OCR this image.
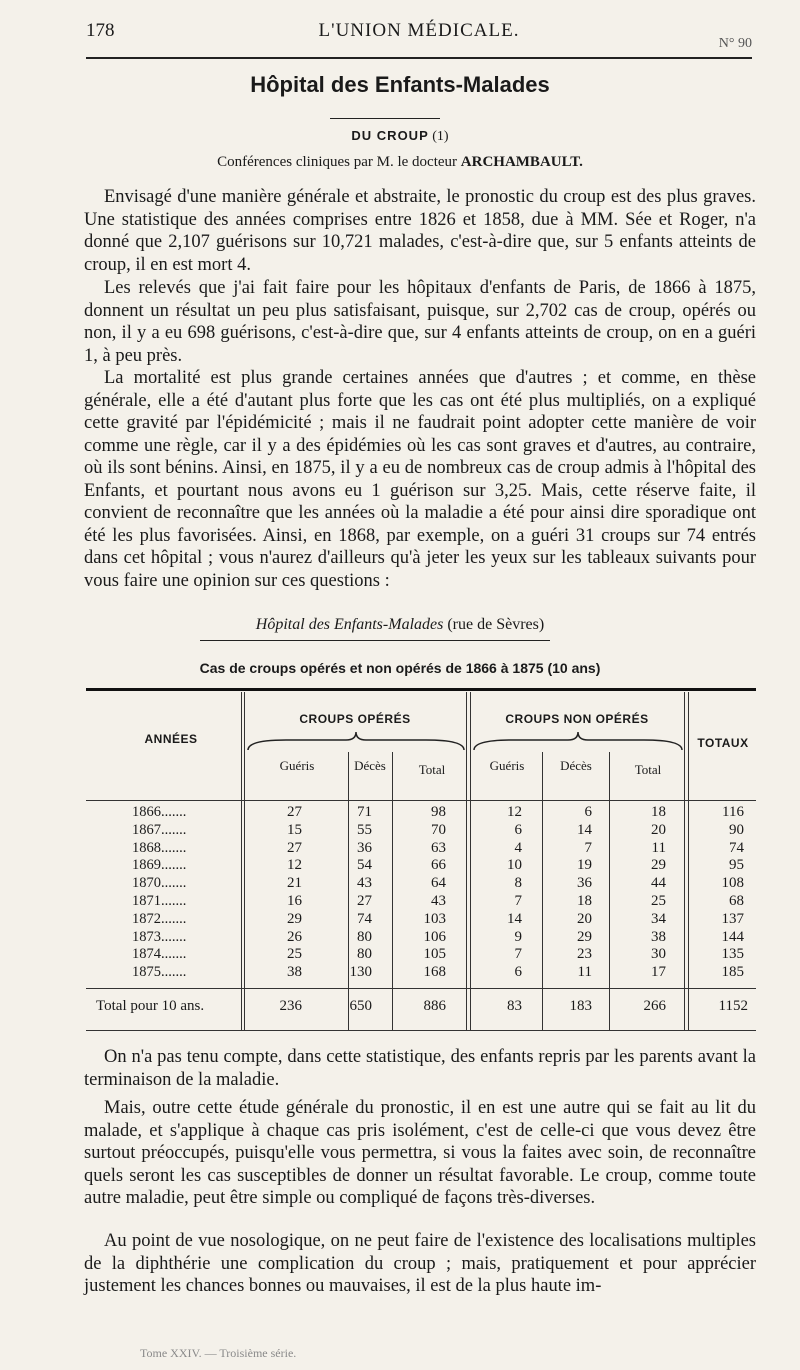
178	L'UNION MÉDICALE.
N° 90
Hôpital des Enfants-Malades
DU CROUP (1)
Conférences cliniques par M. le docteur ARCHAMBAULT.

Envisagé d'une manière générale et abstraite, le pronostic du croup est des plus graves. Une statistique des années comprises entre 1826 et 1858, due à MM. Sée et Roger, n'a donné que 2,107 guérisons sur 10,721 malades, c'est-à-dire que, sur 5 enfants atteints de croup, il en est mort 4.

Les relevés que j'ai fait faire pour les hôpitaux d'enfants de Paris, de 1866 à 1875, donnent un résultat un peu plus satisfaisant, puisque, sur 2,702 cas de croup, opérés ou non, il y a eu 698 guérisons, c'est-à-dire que, sur 4 enfants atteints de croup, on en a guéri 1, à peu près.

La mortalité est plus grande certaines années que d'autres ; et comme, en thèse générale, elle a été d'autant plus forte que les cas ont été plus multipliés, on a expliqué cette gravité par l'épidémicité ; mais il ne faudrait point adopter cette manière de voir comme une règle, car il y a des épidémies où les cas sont graves et d'autres, au contraire, où ils sont bénins. Ainsi, en 1875, il y a eu de nombreux cas de croup admis à l'hôpital des Enfants, et pourtant nous avons eu 1 guérison sur 3,25. Mais, cette réserve faite, il convient de reconnaître que les années où la maladie a été pour ainsi dire sporadique ont été les plus favorisées. Ainsi, en 1868, par exemple, on a guéri 31 croups sur 74 entrés dans cet hôpital ; vous n'aurez d'ailleurs qu'à jeter les yeux sur les tableaux suivants pour vous faire une opinion sur ces questions :

Hôpital des Enfants-Malades (rue de Sèvres)
Cas de croups opérés et non opérés de 1866 à 1875 (10 ans)
ANNÉES
CROUPS OPÉRÉS	CROUPS NON OPÉRÉS
TOTAUX
Guéris	Décès	Total	Guéris	Décès	Total
1866.......	27	71	98	12	6	18	116
1867.......	15	55	70	6	14	20	90
1868.......	27	36	63	4	7	11	74
1869.......	12	54	66	10	19	29	95
1870.......	21	43	64	8	36	44	108
1871.......	16	27	43	7	18	25	68
1872.......	29	74	103	14	20	34	137
1873.......	26	80	106	9	29	38	144
1874.......	25	80	105	7	23	30	135
1875.......	38	130	168	6	11	17	185
Total pour 10 ans.	236	650	886	83	183	266	1152

On n'a pas tenu compte, dans cette statistique, des enfants repris par les parents avant la terminaison de la maladie.

Mais, outre cette étude générale du pronostic, il en est une autre qui se fait au lit du malade, et s'applique à chaque cas pris isolément, c'est de celle-ci que vous devez être surtout préoccupés, puisqu'elle vous permettra, si vous la faites avec soin, de reconnaître quels seront les cas susceptibles de donner un résultat favorable. Le croup, comme toute autre maladie, peut être simple ou compliqué de façons très-diverses.

Au point de vue nosologique, on ne peut faire de l'existence des localisations multiples de la diphthérie une complication du croup ; mais, pratiquement et pour apprécier justement les chances bonnes ou mauvaises, il est de la plus haute im-

Tome XXIV. — Troisième série.
